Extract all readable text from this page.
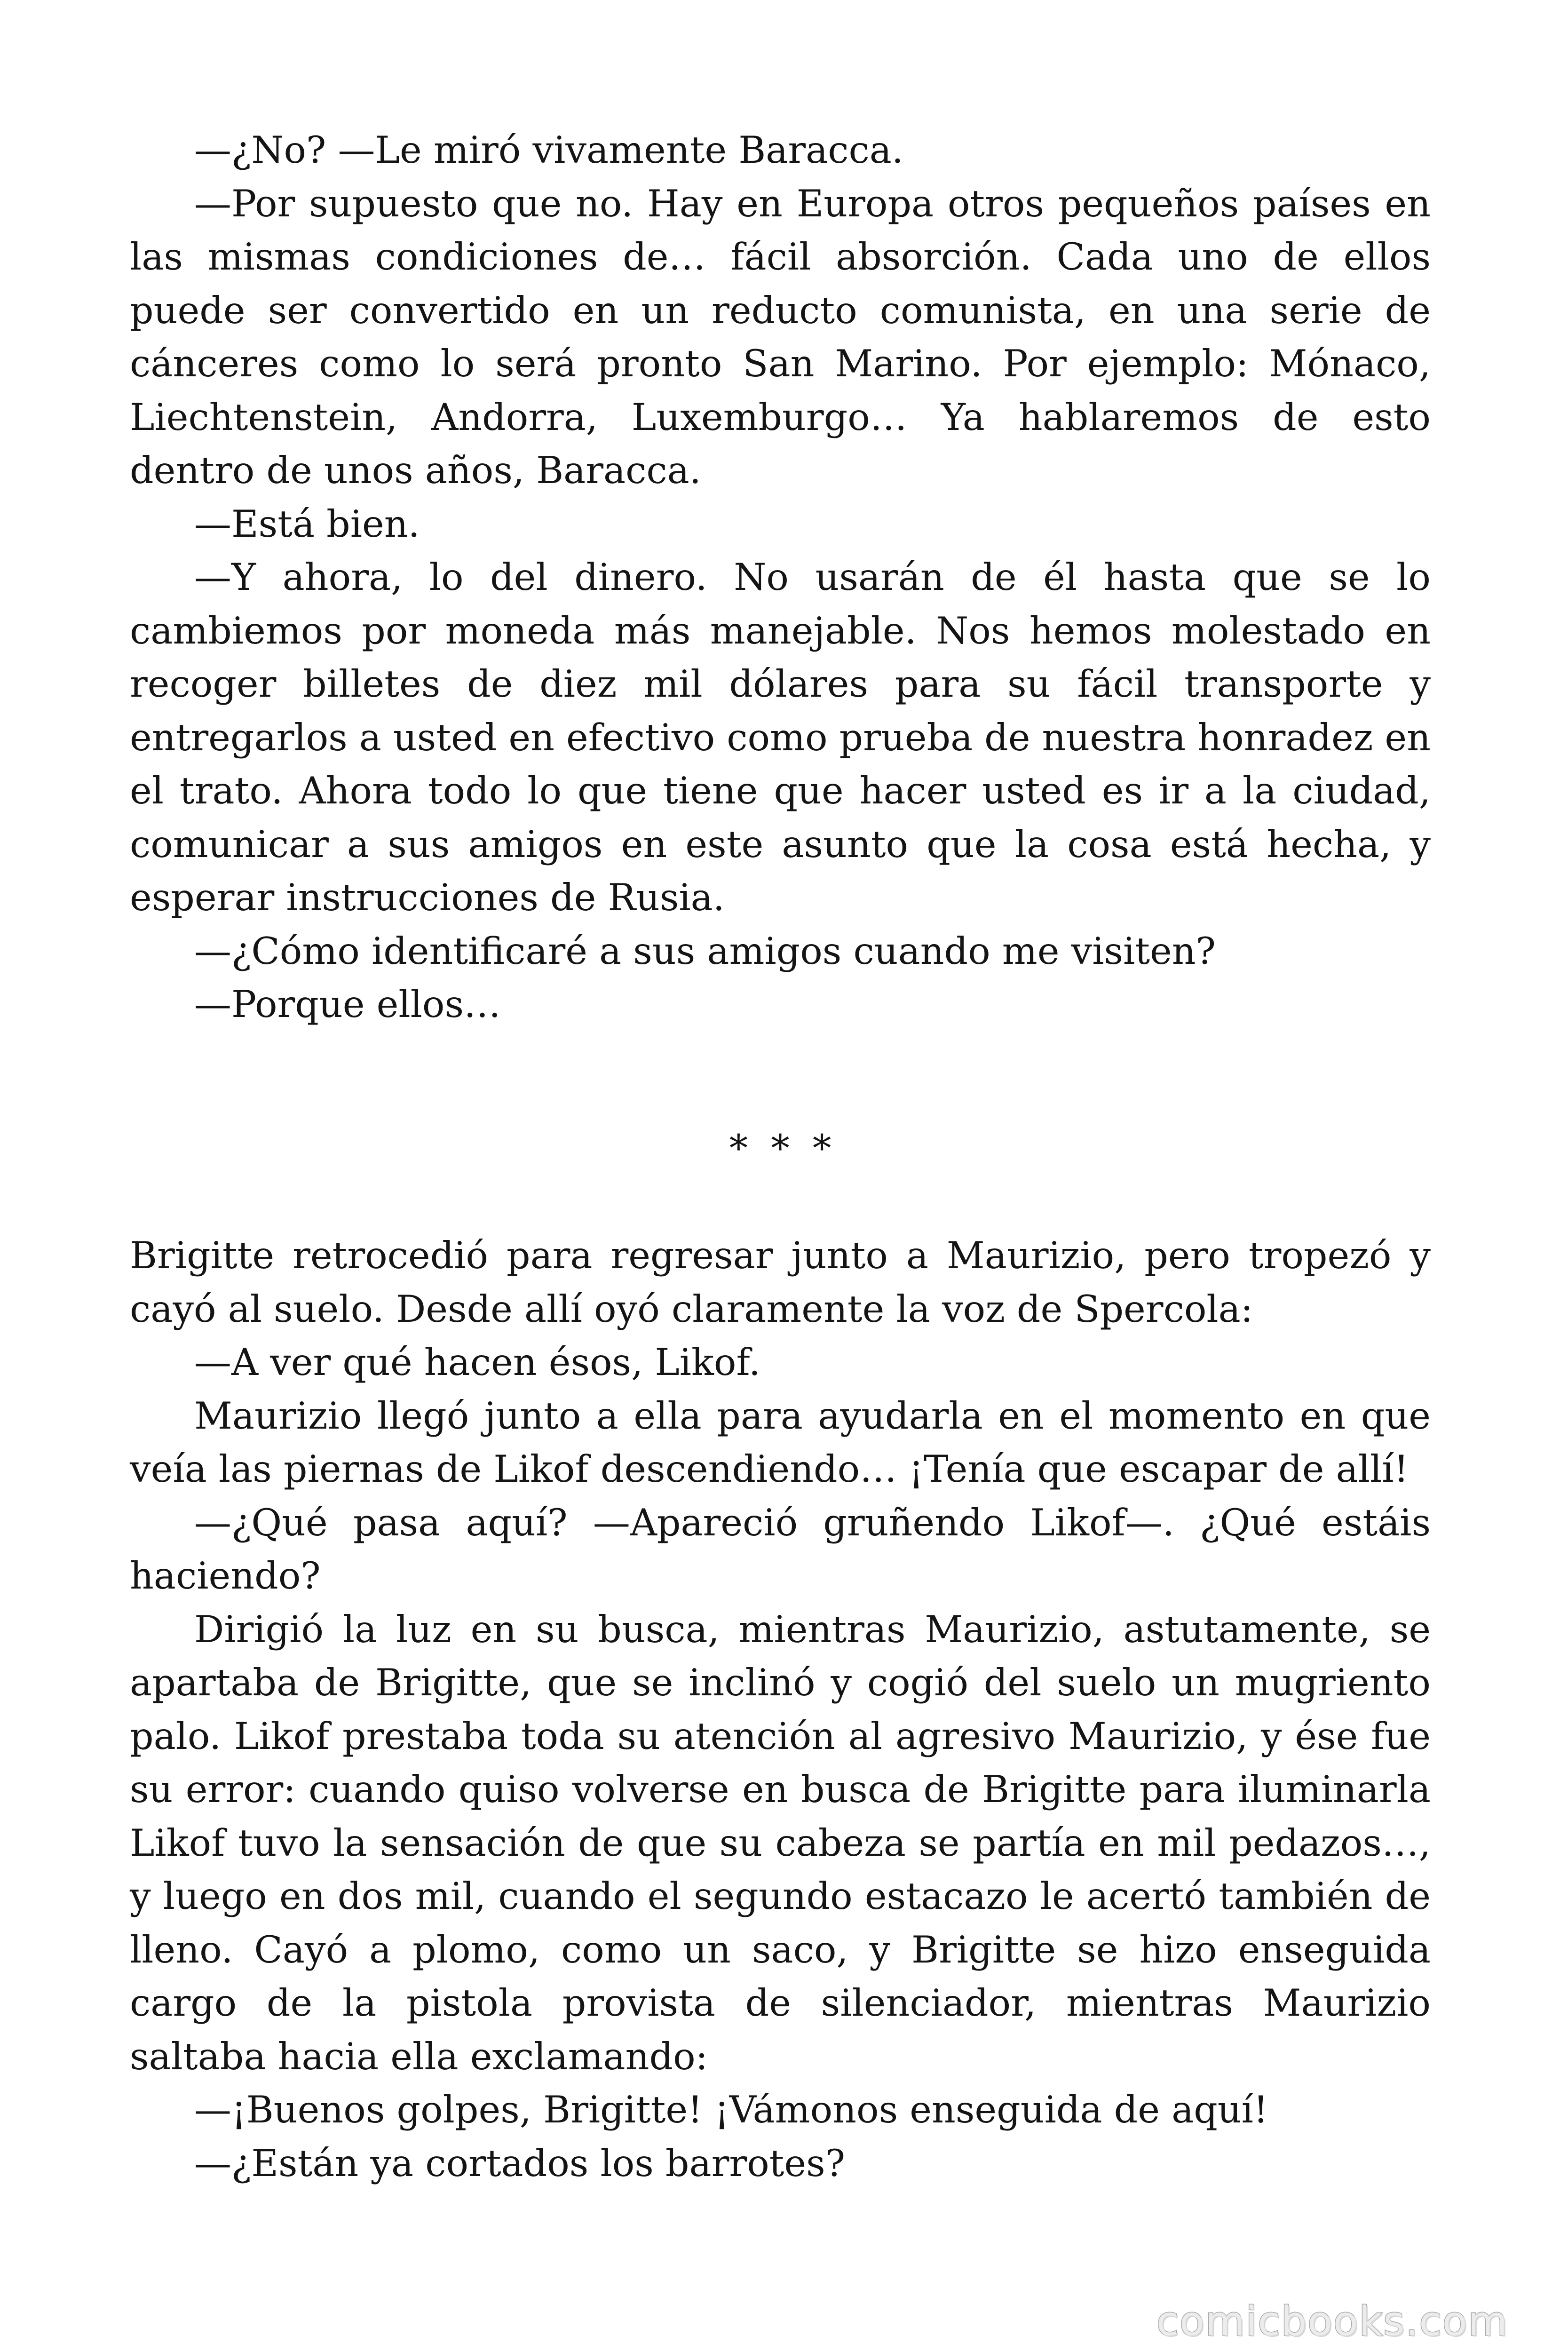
—¿No? —Le miró vivamente Baracca.
—Por supuesto que no. Hay en Europa otros pequeños países en
las mismas condiciones de… fácil absorción. Cada uno de ellos
puede ser convertido en un reducto comunista, en una serie de
cánceres como lo será pronto San Marino. Por ejemplo: Mónaco,
Liechtenstein, Andorra, Luxemburgo… Ya hablaremos de esto
dentro de unos años, Baracca.
—Está bien.
—Y ahora, lo del dinero. No usarán de él hasta que se lo
cambiemos por moneda más manejable. Nos hemos molestado en
recoger billetes de diez mil dólares para su fácil transporte y
entregarlos a usted en efectivo como prueba de nuestra honradez en
el trato. Ahora todo lo que tiene que hacer usted es ir a la ciudad,
comunicar a sus amigos en este asunto que la cosa está hecha, y
esperar instrucciones de Rusia.
—¿Cómo identificaré a sus amigos cuando me visiten?
—Porque ellos…
* * *
Brigitte retrocedió para regresar junto a Maurizio, pero tropezó y
cayó al suelo. Desde allí oyó claramente la voz de Spercola:
—A ver qué hacen ésos, Likof.
Maurizio llegó junto a ella para ayudarla en el momento en que
veía las piernas de Likof descendiendo… ¡Tenía que escapar de allí!
—¿Qué pasa aquí? —Apareció gruñendo Likof—. ¿Qué estáis
haciendo?
Dirigió la luz en su busca, mientras Maurizio, astutamente, se
apartaba de Brigitte, que se inclinó y cogió del suelo un mugriento
palo. Likof prestaba toda su atención al agresivo Maurizio, y ése fue
su error: cuando quiso volverse en busca de Brigitte para iluminarla
Likof tuvo la sensación de que su cabeza se partía en mil pedazos…,
y luego en dos mil, cuando el segundo estacazo le acertó también de
lleno. Cayó a plomo, como un saco, y Brigitte se hizo enseguida
cargo de la pistola provista de silenciador, mientras Maurizio
saltaba hacia ella exclamando:
—¡Buenos golpes, Brigitte! ¡Vámonos enseguida de aquí!
—¿Están ya cortados los barrotes?
comicbooks.com
